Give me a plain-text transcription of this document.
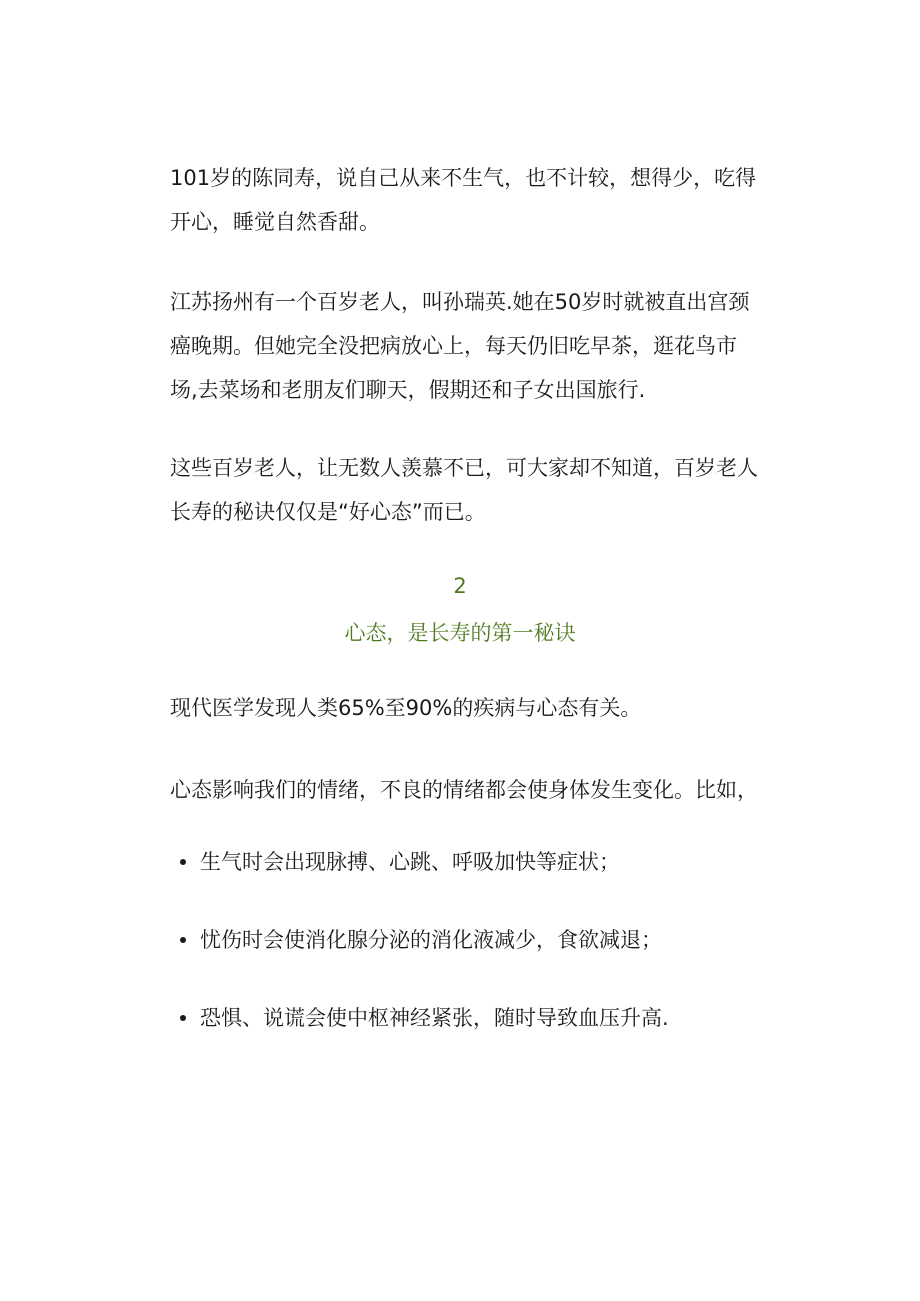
101岁的陈同寿，说自己从来不生气，也不计较，想得少，吃得开心，睡觉自然香甜。

江苏扬州有一个百岁老人，叫孙瑞英.她在50岁时就被直出宫颈癌晚期。但她完全没把病放心上，每天仍旧吃早茶，逛花鸟市场,去菜场和老朋友们聊天，假期还和子女出国旅行.

这些百岁老人，让无数人羡慕不已，可大家却不知道，百岁老人长寿的秘诀仅仅是“好心态”而已。

2

心态，是长寿的第一秘诀

现代医学发现人类65%至90%的疾病与心态有关。

心态影响我们的情绪，不良的情绪都会使身体发生变化。比如，

生气时会出现脉搏、心跳、呼吸加快等症状；
忧伤时会使消化腺分泌的消化液减少，食欲减退；
恐惧、说谎会使中枢神经紧张，随时导致血压升高.
